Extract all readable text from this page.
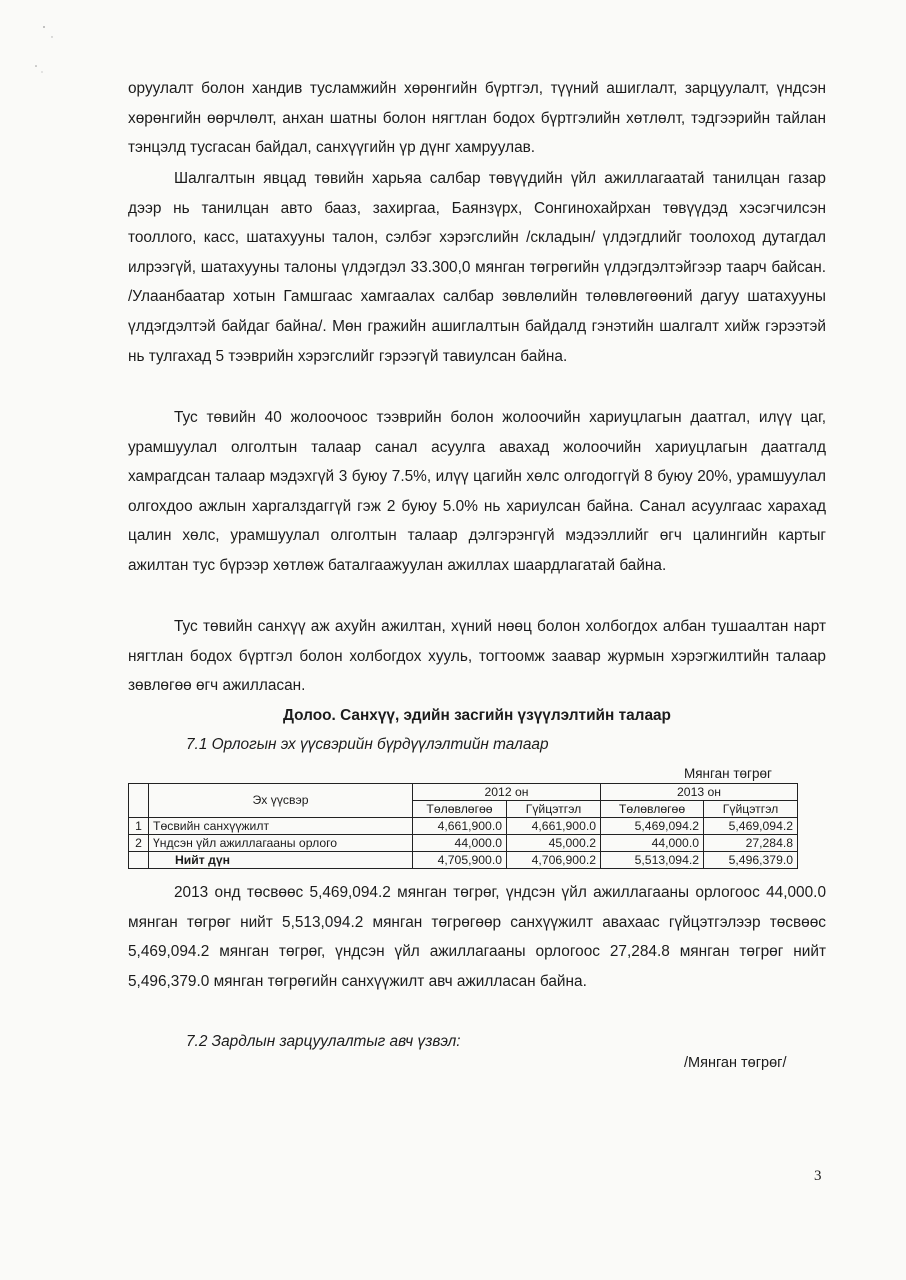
оруулалт болон хандив тусламжийн хөрөнгийн бүртгэл, түүний ашиглалт, зарцуулалт, үндсэн хөрөнгийн өөрчлөлт, анхан шатны болон нягтлан бодох бүртгэлийн хөтлөлт, тэдгээрийн тайлан тэнцэлд тусгасан байдал, санхүүгийн үр дүнг хамруулав.

Шалгалтын явцад төвийн харьяа салбар төвүүдийн үйл ажиллагаатай танилцан газар дээр нь танилцан авто бааз, захиргаа, Баянзүрх, Сонгинохайрхан төвүүдэд хэсэгчилсэн тооллого, касс, шатахууны талон, сэлбэг хэрэгслийн /складын/ үлдэгдлийг тоолоход дутагдал илрээгүй, шатахууны талоны үлдэгдэл 33.300,0 мянган төгрөгийн үлдэгдэлтэйгээр таарч байсан. /Улаанбаатар хотын Гамшгаас хамгаалах салбар зөвлөлийн төлөвлөгөөний дагуу шатахууны үлдэгдэлтэй байдаг байна/. Мөн гражийн ашиглалтын байдалд гэнэтийн шалгалт хийж гэрээтэй нь тулгахад 5 тээврийн хэрэгслийг гэрээгүй тавиулсан байна.

Тус төвийн 40 жолоочоос тээврийн болон жолоочийн хариуцлагын даатгал, илүү цаг, урамшуулал олголтын талаар санал асуулга авахад жолоочийн хариуцлагын даатгалд хамрагдсан талаар мэдэхгүй 3 буюу 7.5%, илүү цагийн хөлс олгодоггүй 8 буюу 20%, урамшуулал олгохдоо ажлын харгалздаггүй гэж 2 буюу 5.0% нь хариулсан байна. Санал асуулгаас харахад цалин хөлс, урамшуулал олголтын талаар дэлгэрэнгүй мэдээллийг өгч цалингийн картыг ажилтан тус бүрээр хөтлөж баталгаажуулан ажиллах шаардлагатай байна.

Тус төвийн санхүү аж ахуйн ажилтан, хүний нөөц болон холбогдох албан тушаалтан нарт нягтлан бодох бүртгэл болон холбогдох хууль, тогтоомж заавар журмын хэрэгжилтийн талаар зөвлөгөө өгч ажилласан.

Долоо. Санхүү, эдийн засгийн үзүүлэлтийн талаар
7.1 Орлогын эх үүсвэрийн бүрдүүлэлтийн талаар
Мянган төгрөг
	Эх үүсвэр	2012 он		2013 он	
		Төлөвлөгөө	Гүйцэтгэл	Төлөвлөгөө	Гүйцэтгэл
1	Төсвийн санхүүжилт	4,661,900.0	4,661,900.0	5,469,094.2	5,469,094.2
2	Үндсэн үйл ажиллагааны орлого	44,000.0	45,000.2	44,000.0	27,284.8
	Нийт дүн	4,705,900.0	4,706,900.2	5,513,094.2	5,496,379.0

2013 онд төсвөөс 5,469,094.2 мянган төгрөг, үндсэн үйл ажиллагааны орлогоос 44,000.0 мянган төгрөг нийт 5,513,094.2 мянган төгрөгөөр санхүүжилт авахаас гүйцэтгэлээр төсвөөс 5,469,094.2 мянган төгрөг, үндсэн үйл ажиллагааны орлогоос 27,284.8 мянган төгрөг нийт 5,496,379.0 мянган төгрөгийн санхүүжилт авч ажилласан байна.

7.2 Зардлын зарцуулалтыг авч үзвэл:
/Мянган төгрөг/
3
